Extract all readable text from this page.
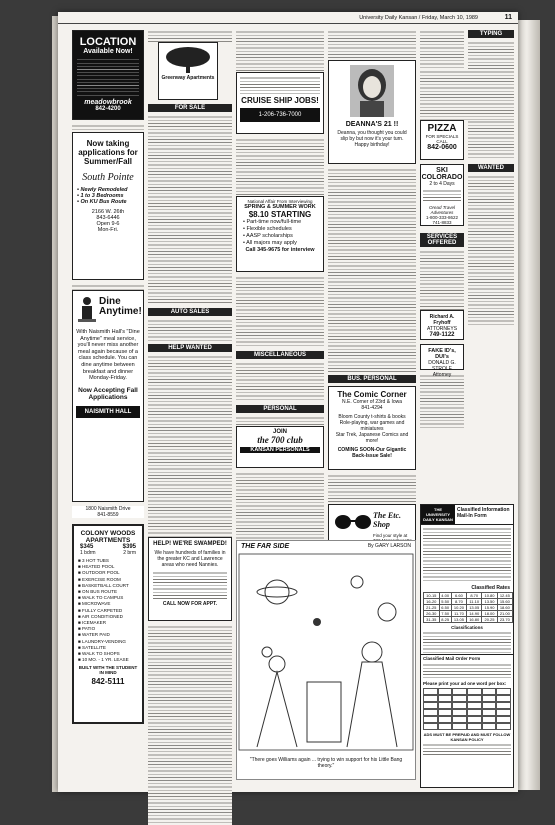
University Daily Kansan / Friday, March 10, 1989	11
LOCATION
Available Now!
meadowbrook
842-4200
Now taking applications for Summer/Fall
South Pointe
• Newly Remodeled
• 1 to 3 Bedrooms
• On KU Bus Route
2166 W. 26th
843-6446
Open 9-6
Mon-Fri.
Dine Anytime!
With Naismith Hall's "Dine Anytime" meal service, you'll never miss another meal again because of a class schedule. You can dine anytime between breakfast and dinner Monday-Friday.
Now Accepting Fall Applications
NAISMITH HALL
1800 Naismith Drive
841-8559
COLONY WOODS APARTMENTS
$345	$395
1 bdrm	2 brm
■ 3 HOT TUBS
■ HEATED POOL
■ OUTDOOR POOL
■ EXERCISE ROOM
■ BASKETBALL COURT
■ ON BUS ROUTE
■ WALK TO CAMPUS
■ MICROWAVE
■ FULLY CARPETED
■ AIR CONDITIONED
■ ICEMAKER
■ PATIO
■ WATER PAID
■ LAUNDRY-VENDING
■ SATELLITE
■ WALK TO SHOPS
■ 10 MO. - 1 YR. LEASE
BUILT WITH THE STUDENT IN MIND
842-5111
Greenway Apartments
FOR SALE
AUTO SALES
HELP WANTED
HELP! WE'RE SWAMPED!
We have hundreds of families in the greater KC and Lawrence areas who need Nannies.
CALL NOW FOR APPT.
CRUISE SHIP JOBS!
1-206-736-7000
National Affair From Interviewing
SPRING & SUMMER WORK
$8.10 STARTING
• Part-time now/full-time
• Flexible schedules
• AASP scholarships
• All majors may apply
Call 345-9675 for interview
MISCELLANEOUS
PERSONAL
JOIN
the 700 club
KANSAN PERSONALS
DEANNA'S 21 !!
Deanna, you thought you could slip by but now it's your turn. Happy birthday!
BUS. PERSONAL
The Comic Corner
N.E. Corner of 23rd & Iowa
841-4294
Bloom County t-shirts & books
Role-playing, war games and miniatures
Star Trek, Japanese Comics and more!
COMING SOON-Our Gigantic Back-Issue Sale!
The Etc. Shop
Find your style at
THE FAR SIDE	By GARY LARSON
"There goes Williams again ... trying to win support for his Little Bang theory."
TYPING
PIZZA
FOR SPECIALS CALL
842-0600
SKI COLORADO
2 to 4 Days
Oread Travel Adventures
1-800-333-8622
741-8833
WANTED
SERVICES OFFERED
Richard A. Fryhoff
ATTORNEYS
749-1122
FAKE ID's, DUI's
DONALD G. STROLE
Attorney
THE UNIVERSITY DAILY KANSAN
Classified Information Mail-In Form
Classified Rates
10-15	4.00	6.60	8.70	10.80	12.45
16-20	5.50	8.70	11.10	13.50	15.60
21-25	6.50	10.20	13.05	15.90	18.60
26-30	7.50	11.70	14.90	18.00	21.00
31-35	8.25	13.05	16.80	20.25	23.70
Classifications
Classified Mail Order Form
Please print your ad one word per box:
ADS MUST BE PREPAID AND MUST FOLLOW KANSAN POLICY
